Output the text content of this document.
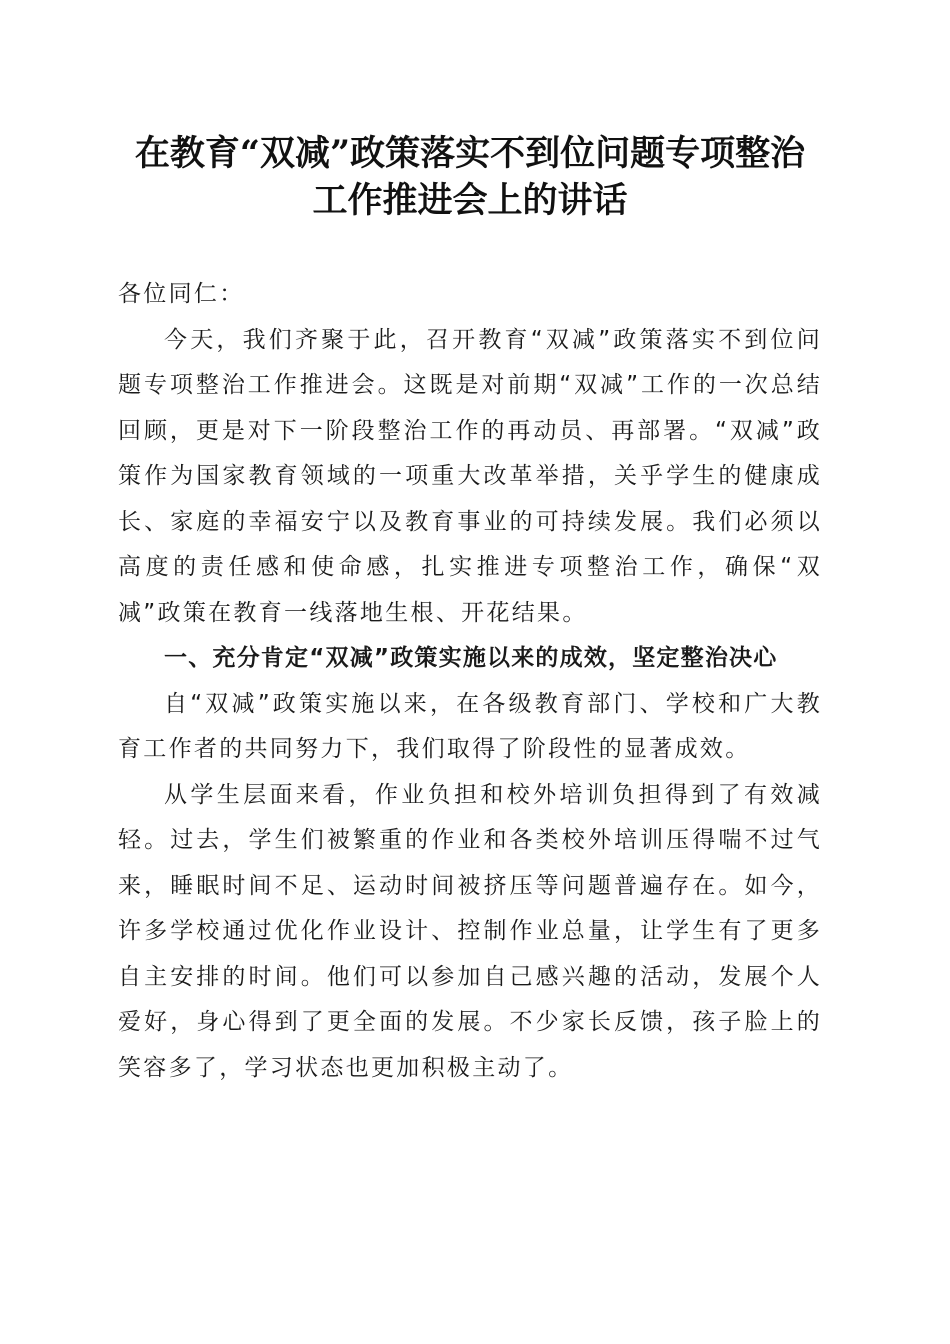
在教育“双减”政策落实不到位问题专项整治
工作推进会上的讲话

各位同仁：

今天，我们齐聚于此，召开教育“双减”政策落实不到位问题专项整治工作推进会。这既是对前期“双减”工作的一次总结回顾，更是对下一阶段整治工作的再动员、再部署。“双减”政策作为国家教育领域的一项重大改革举措，关乎学生的健康成长、家庭的幸福安宁以及教育事业的可持续发展。我们必须以高度的责任感和使命感，扎实推进专项整治工作，确保“双减”政策在教育一线落地生根、开花结果。

一、充分肯定“双减”政策实施以来的成效，坚定整治决心

自“双减”政策实施以来，在各级教育部门、学校和广大教育工作者的共同努力下，我们取得了阶段性的显著成效。

从学生层面来看，作业负担和校外培训负担得到了有效减轻。过去，学生们被繁重的作业和各类校外培训压得喘不过气来，睡眠时间不足、运动时间被挤压等问题普遍存在。如今，许多学校通过优化作业设计、控制作业总量，让学生有了更多自主安排的时间。他们可以参加自己感兴趣的活动，发展个人爱好，身心得到了更全面的发展。不少家长反馈，孩子脸上的笑容多了，学习状态也更加积极主动了。
